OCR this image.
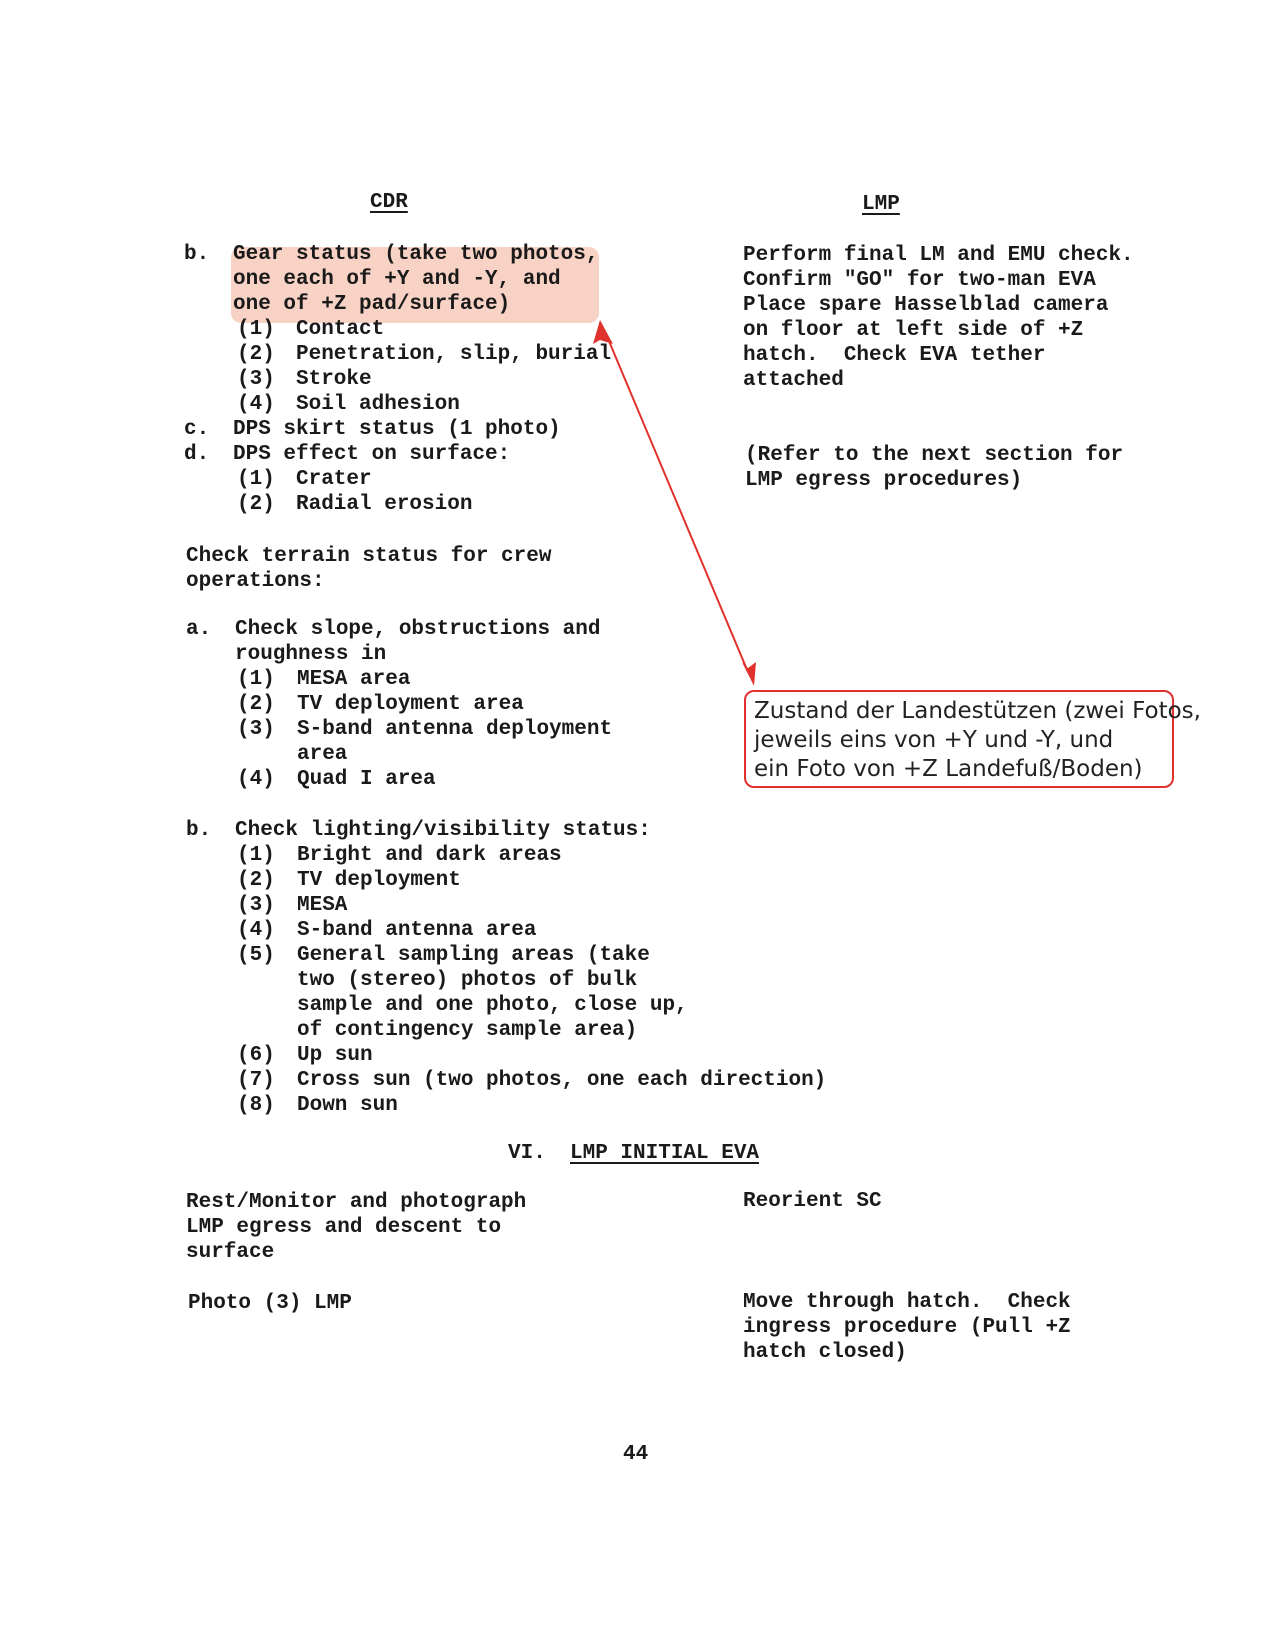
CDR	LMP
b. Gear status (take two photos,
one each of +Y and -Y, and
one of +Z pad/surface)
(1) Contact
(2) Penetration, slip, burial
(3) Stroke
(4) Soil adhesion
c. DPS skirt status (1 photo)
d. DPS effect on surface:
(1) Crater
(2) Radial erosion
Perform final LM and EMU check.
Confirm "GO" for two-man EVA
Place spare Hasselblad camera
on floor at left side of +Z
hatch.  Check EVA tether
attached
(Refer to the next section for
LMP egress procedures)
Check terrain status for crew
operations:
a. Check slope, obstructions and
roughness in
(1) MESA area
(2) TV deployment area
(3) S-band antenna deployment
area
(4) Quad I area
b. Check lighting/visibility status:
(1) Bright and dark areas
(2) TV deployment
(3) MESA
(4) S-band antenna area
(5) General sampling areas (take
two (stereo) photos of bulk
sample and one photo, close up,
of contingency sample area)
(6) Up sun
(7) Cross sun (two photos, one each direction)
(8) Down sun
VI. LMP INITIAL EVA
Rest/Monitor and photograph
LMP egress and descent to
surface
Reorient SC
Photo (3) LMP	Move through hatch.  Check
ingress procedure (Pull +Z
hatch closed)
44
Zustand der Landestützen (zwei Fotos,
jeweils eins von +Y und -Y, und
ein Foto von +Z Landefuß/Boden)
